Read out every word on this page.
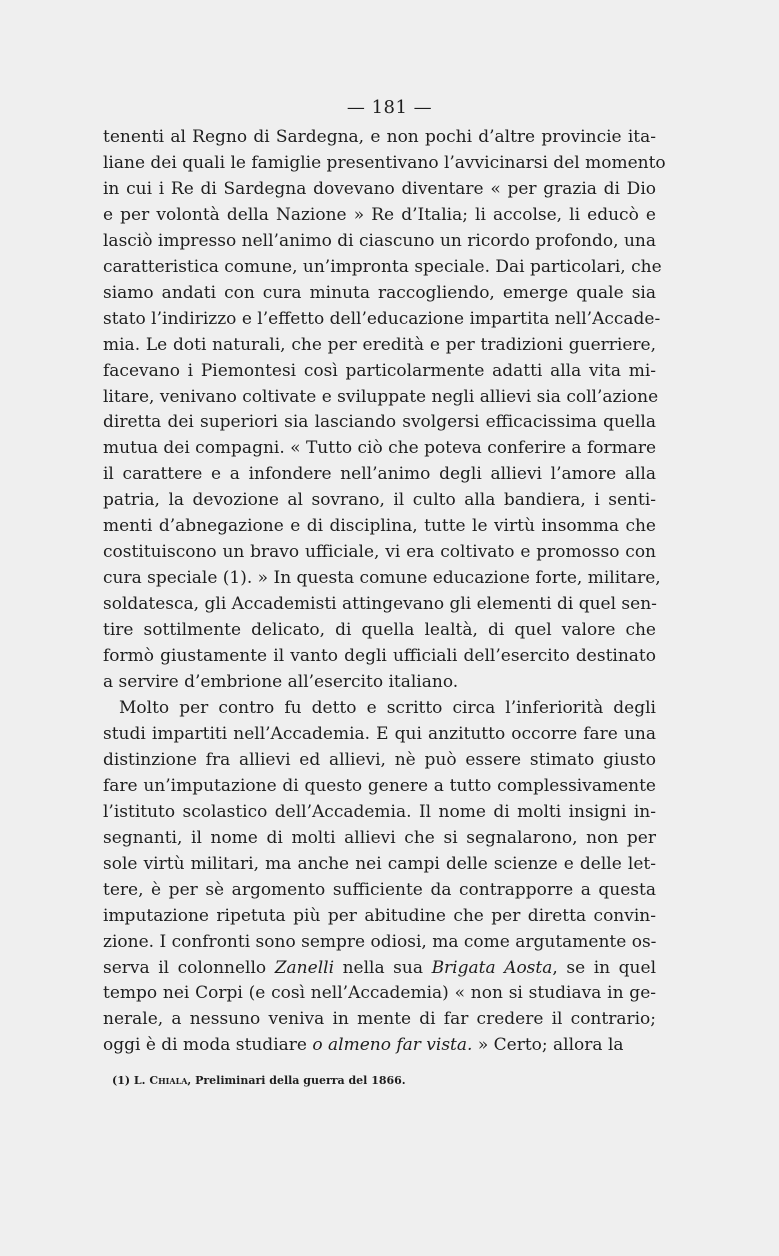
— 181 —
tenenti al Regno di Sardegna, e non pochi d’altre provincie ita-
liane dei quali le famiglie presentivano l’avvicinarsi del momento
in cui i Re di Sardegna dovevano diventare « per grazia di Dio
e per volontà della Nazione » Re d’Italia; li accolse, li educò e
lasciò impresso nell’animo di ciascuno un ricordo profondo, una
caratteristica comune, un’impronta speciale. Dai particolari, che
siamo andati con cura minuta raccogliendo, emerge quale sia
stato l’indirizzo e l’effetto dell’educazione impartita nell’Accade-
mia. Le doti naturali, che per eredità e per tradizioni guerriere,
facevano i Piemontesi così particolarmente adatti alla vita mi-
litare, venivano coltivate e sviluppate negli allievi sia coll’azione
diretta dei superiori sia lasciando svolgersi efficacissima quella
mutua dei compagni. « Tutto ciò che poteva conferire a formare
il carattere e a infondere nell’animo degli allievi l’amore alla
patria, la devozione al sovrano, il culto alla bandiera, i senti-
menti d’abnegazione e di disciplina, tutte le virtù insomma che
costituiscono un bravo ufficiale, vi era coltivato e promosso con
cura speciale (1). » In questa comune educazione forte, militare,
soldatesca, gli Accademisti attingevano gli elementi di quel sen-
tire sottilmente delicato, di quella lealtà, di quel valore che
formò giustamente il vanto degli ufficiali dell’esercito destinato
a servire d’embrione all’esercito italiano.
Molto per contro fu detto e scritto circa l’inferiorità degli
studi impartiti nell’Accademia. E qui anzitutto occorre fare una
distinzione fra allievi ed allievi, nè può essere stimato giusto
fare un’imputazione di questo genere a tutto complessivamente
l’istituto scolastico dell’Accademia. Il nome di molti insigni in-
segnanti, il nome di molti allievi che si segnalarono, non per
sole virtù militari, ma anche nei campi delle scienze e delle let-
tere, è per sè argomento sufficiente da contrapporre a questa
imputazione ripetuta più per abitudine che per diretta convin-
zione. I confronti sono sempre odiosi, ma come argutamente os-
serva il colonnello Zanelli nella sua Brigata Aosta, se in quel
tempo nei Corpi (e così nell’Accademia) « non si studiava in ge-
nerale, a nessuno veniva in mente di far credere il contrario;
oggi è di moda studiare o almeno far vista. » Certo; allora la
(1) L. Chiala, Preliminari della guerra del 1866.
